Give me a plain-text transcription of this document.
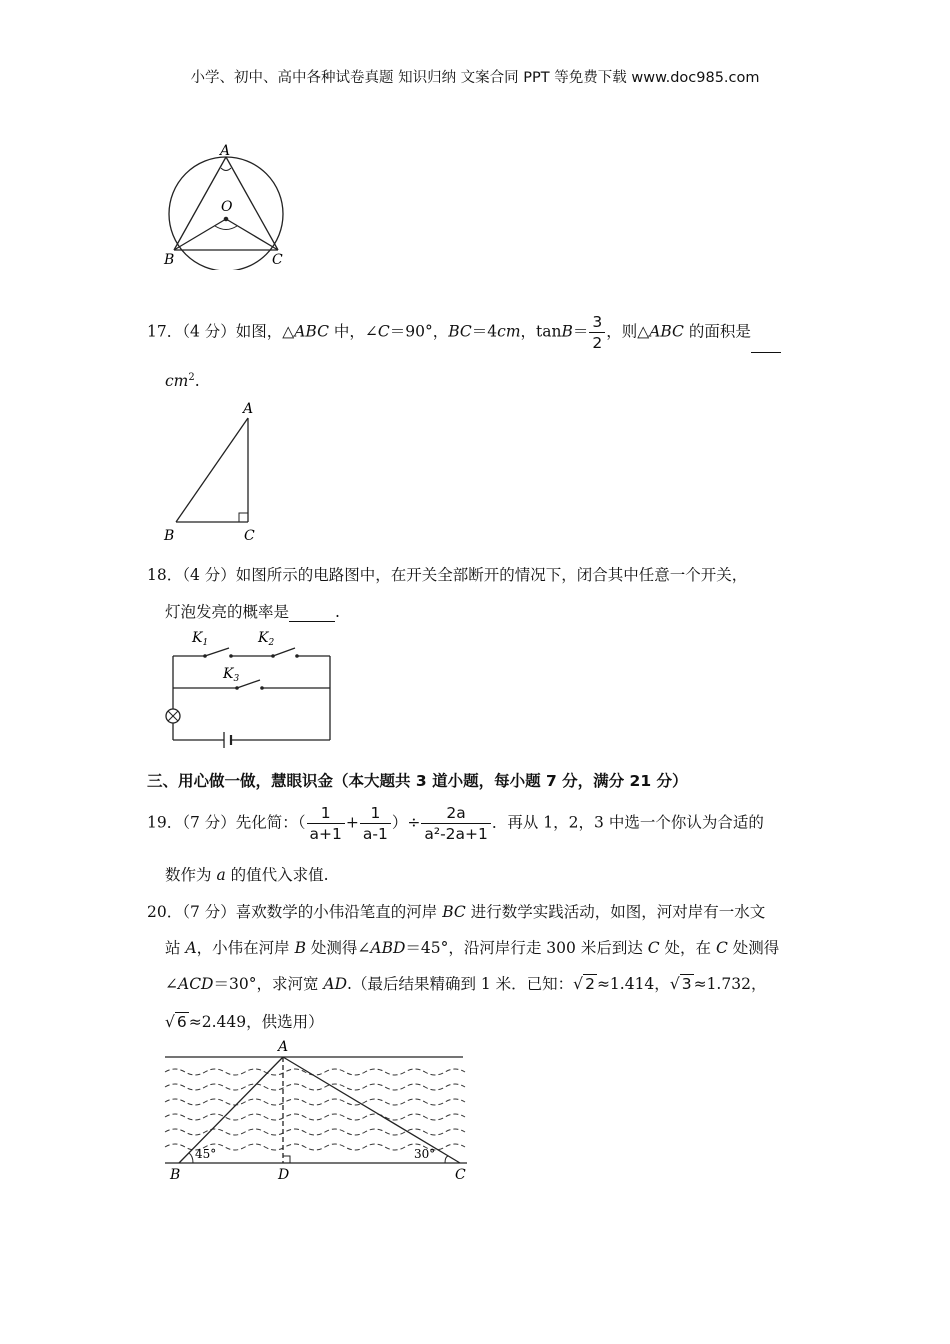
小学、初中、高中各种试卷真题 知识归纳 文案合同 PPT 等免费下载 www.doc985.com
A
O
B	C
17．（4 分）如图，△ABC 中，∠C＝90°，BC＝4cm，$\tan B= \frac{3}{2}$ ，则△ABC 的面积是
$cm^2$.
A
B	C
18．（4 分）如图所示的电路图中，在开关全部断开的情况下，闭合其中任意一个开关，
灯泡发亮的概率是	.
$K_1$	$K_2$
$K_3$
三、用心做一做，慧眼识金（本大题共 3 道小题，每小题 7 分，满分 21 分）
19．（7 分）先化简：（ $\frac{1}{a+1} + \frac{1}{a-1}$ ）÷ $\frac{2a}{\text{a²-2a+1}}$ ．再从 1，2，3 中选一个你认为合适的
数作为 a 的值代入求值.
20．（7 分）喜欢数学的小伟沿笔直的河岸 BC 进行数学实践活动，如图，河对岸有一水文
站 A，小伟在河岸 B 处测得∠ABD＝45°，沿河岸行走 300 米后到达 C 处，在 C 处测得
∠ACD＝30°，求河宽 AD.（最后结果精确到 1 米．已知：√ 2 ≈1.414，√ 3 ≈1.732，
√ 6 ≈2.449，供选用）
A
B	D	C
45°	30°
